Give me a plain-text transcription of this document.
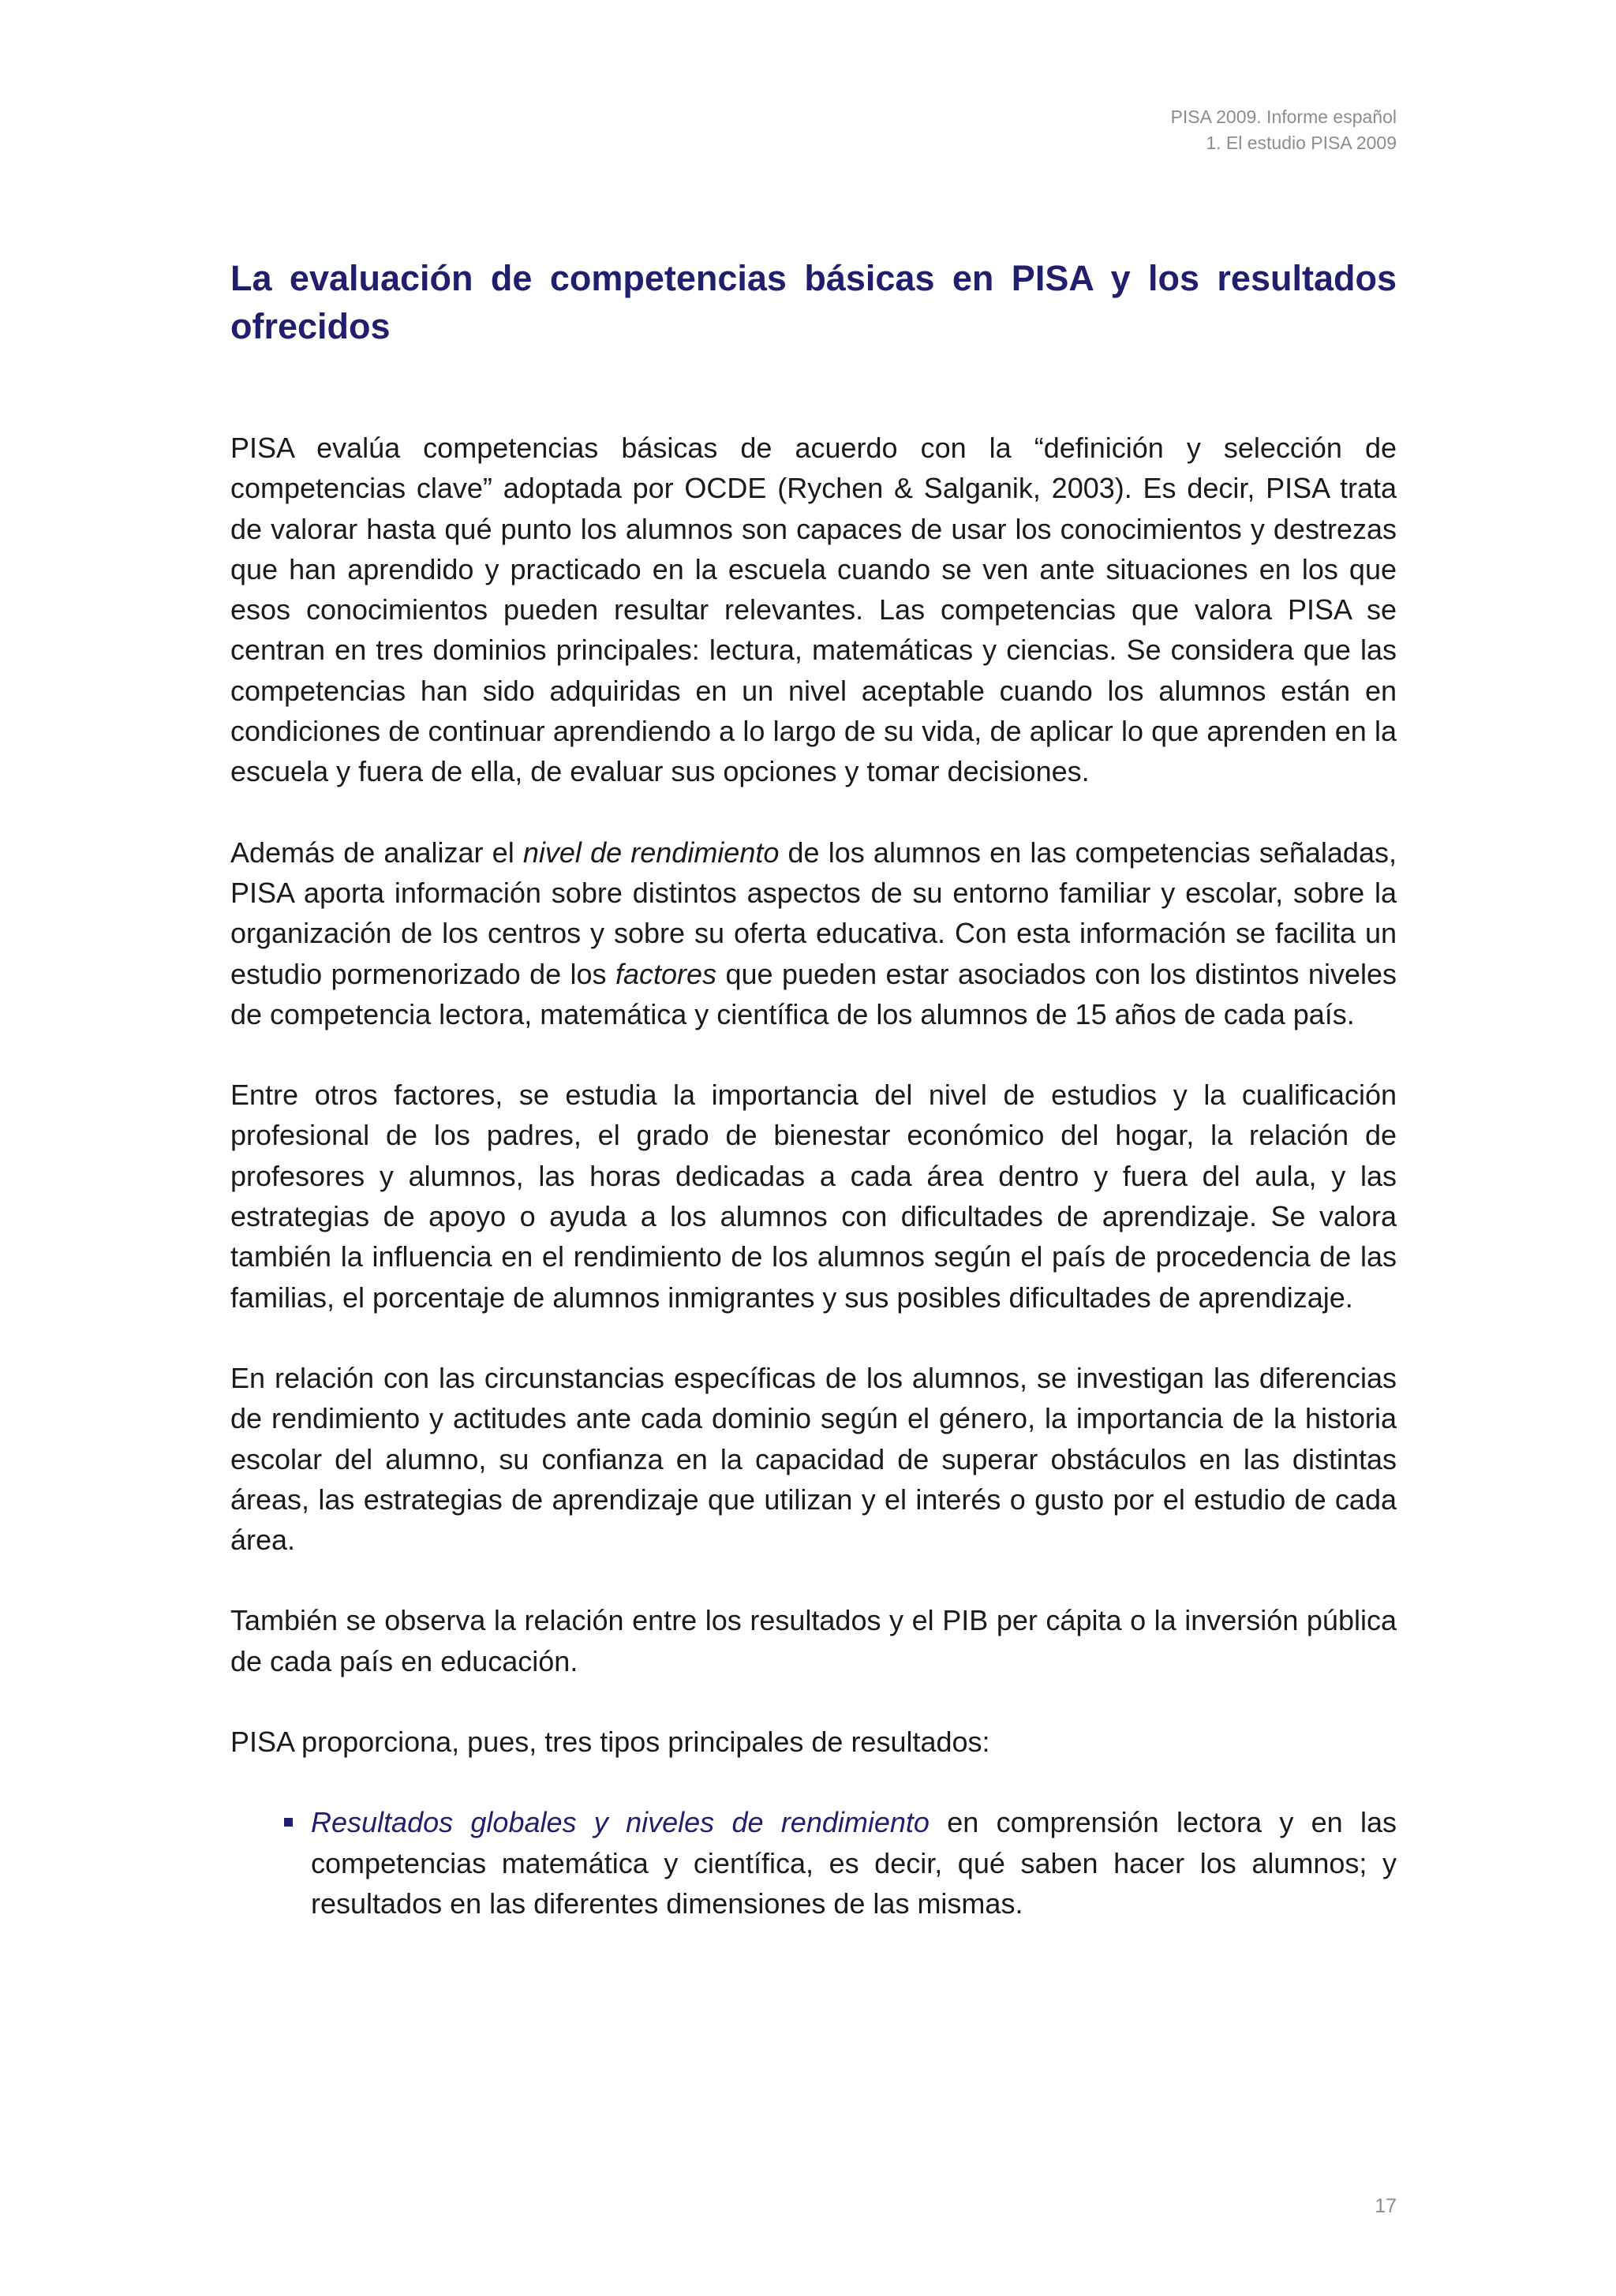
PISA 2009. Informe español
1. El estudio PISA 2009
La evaluación de competencias básicas en PISA y los resultados ofrecidos

PISA evalúa competencias básicas de acuerdo con la “definición y selección de competencias clave” adoptada por OCDE (Rychen & Salganik, 2003). Es decir, PISA trata de valorar hasta qué punto los alumnos son capaces de usar los conocimientos y destrezas que han aprendido y practicado en la escuela cuando se ven ante situaciones en los que esos conocimientos pueden resultar relevantes. Las competencias que valora PISA se centran en tres dominios principales: lectura, matemáticas y ciencias. Se considera que las competencias han sido adquiridas en un nivel aceptable cuando los alumnos están en condiciones de continuar aprendiendo a lo largo de su vida, de aplicar lo que aprenden en la escuela y fuera de ella, de evaluar sus opciones y tomar decisiones.

Además de analizar el nivel de rendimiento de los alumnos en las competencias señaladas, PISA aporta información sobre distintos aspectos de su entorno familiar y escolar, sobre la organización de los centros y sobre su oferta educativa. Con esta información se facilita un estudio pormenorizado de los factores que pueden estar asociados con los distintos niveles de competencia lectora, matemática y científica de los alumnos de 15 años de cada país.

Entre otros factores, se estudia la importancia del nivel de estudios y la cualificación profesional de los padres, el grado de bienestar económico del hogar, la relación de profesores y alumnos, las horas dedicadas a cada área dentro y fuera del aula, y las estrategias de apoyo o ayuda a los alumnos con dificultades de aprendizaje. Se valora también la influencia en el rendimiento de los alumnos según el país de procedencia de las familias, el porcentaje de alumnos inmigrantes y sus posibles dificultades de aprendizaje.

En relación con las circunstancias específicas de los alumnos, se investigan las diferencias de rendimiento y actitudes ante cada dominio según el género, la importancia de la historia escolar del alumno, su confianza en la capacidad de superar obstáculos en las distintas áreas, las estrategias de aprendizaje que utilizan y el interés o gusto por el estudio de cada área.

También se observa la relación entre los resultados y el PIB per cápita o la inversión pública de cada país en educación.

PISA proporciona, pues, tres tipos principales de resultados:

Resultados globales y niveles de rendimiento en comprensión lectora y en las competencias matemática y científica, es decir, qué saben hacer los alumnos; y resultados en las diferentes dimensiones de las mismas.
17
